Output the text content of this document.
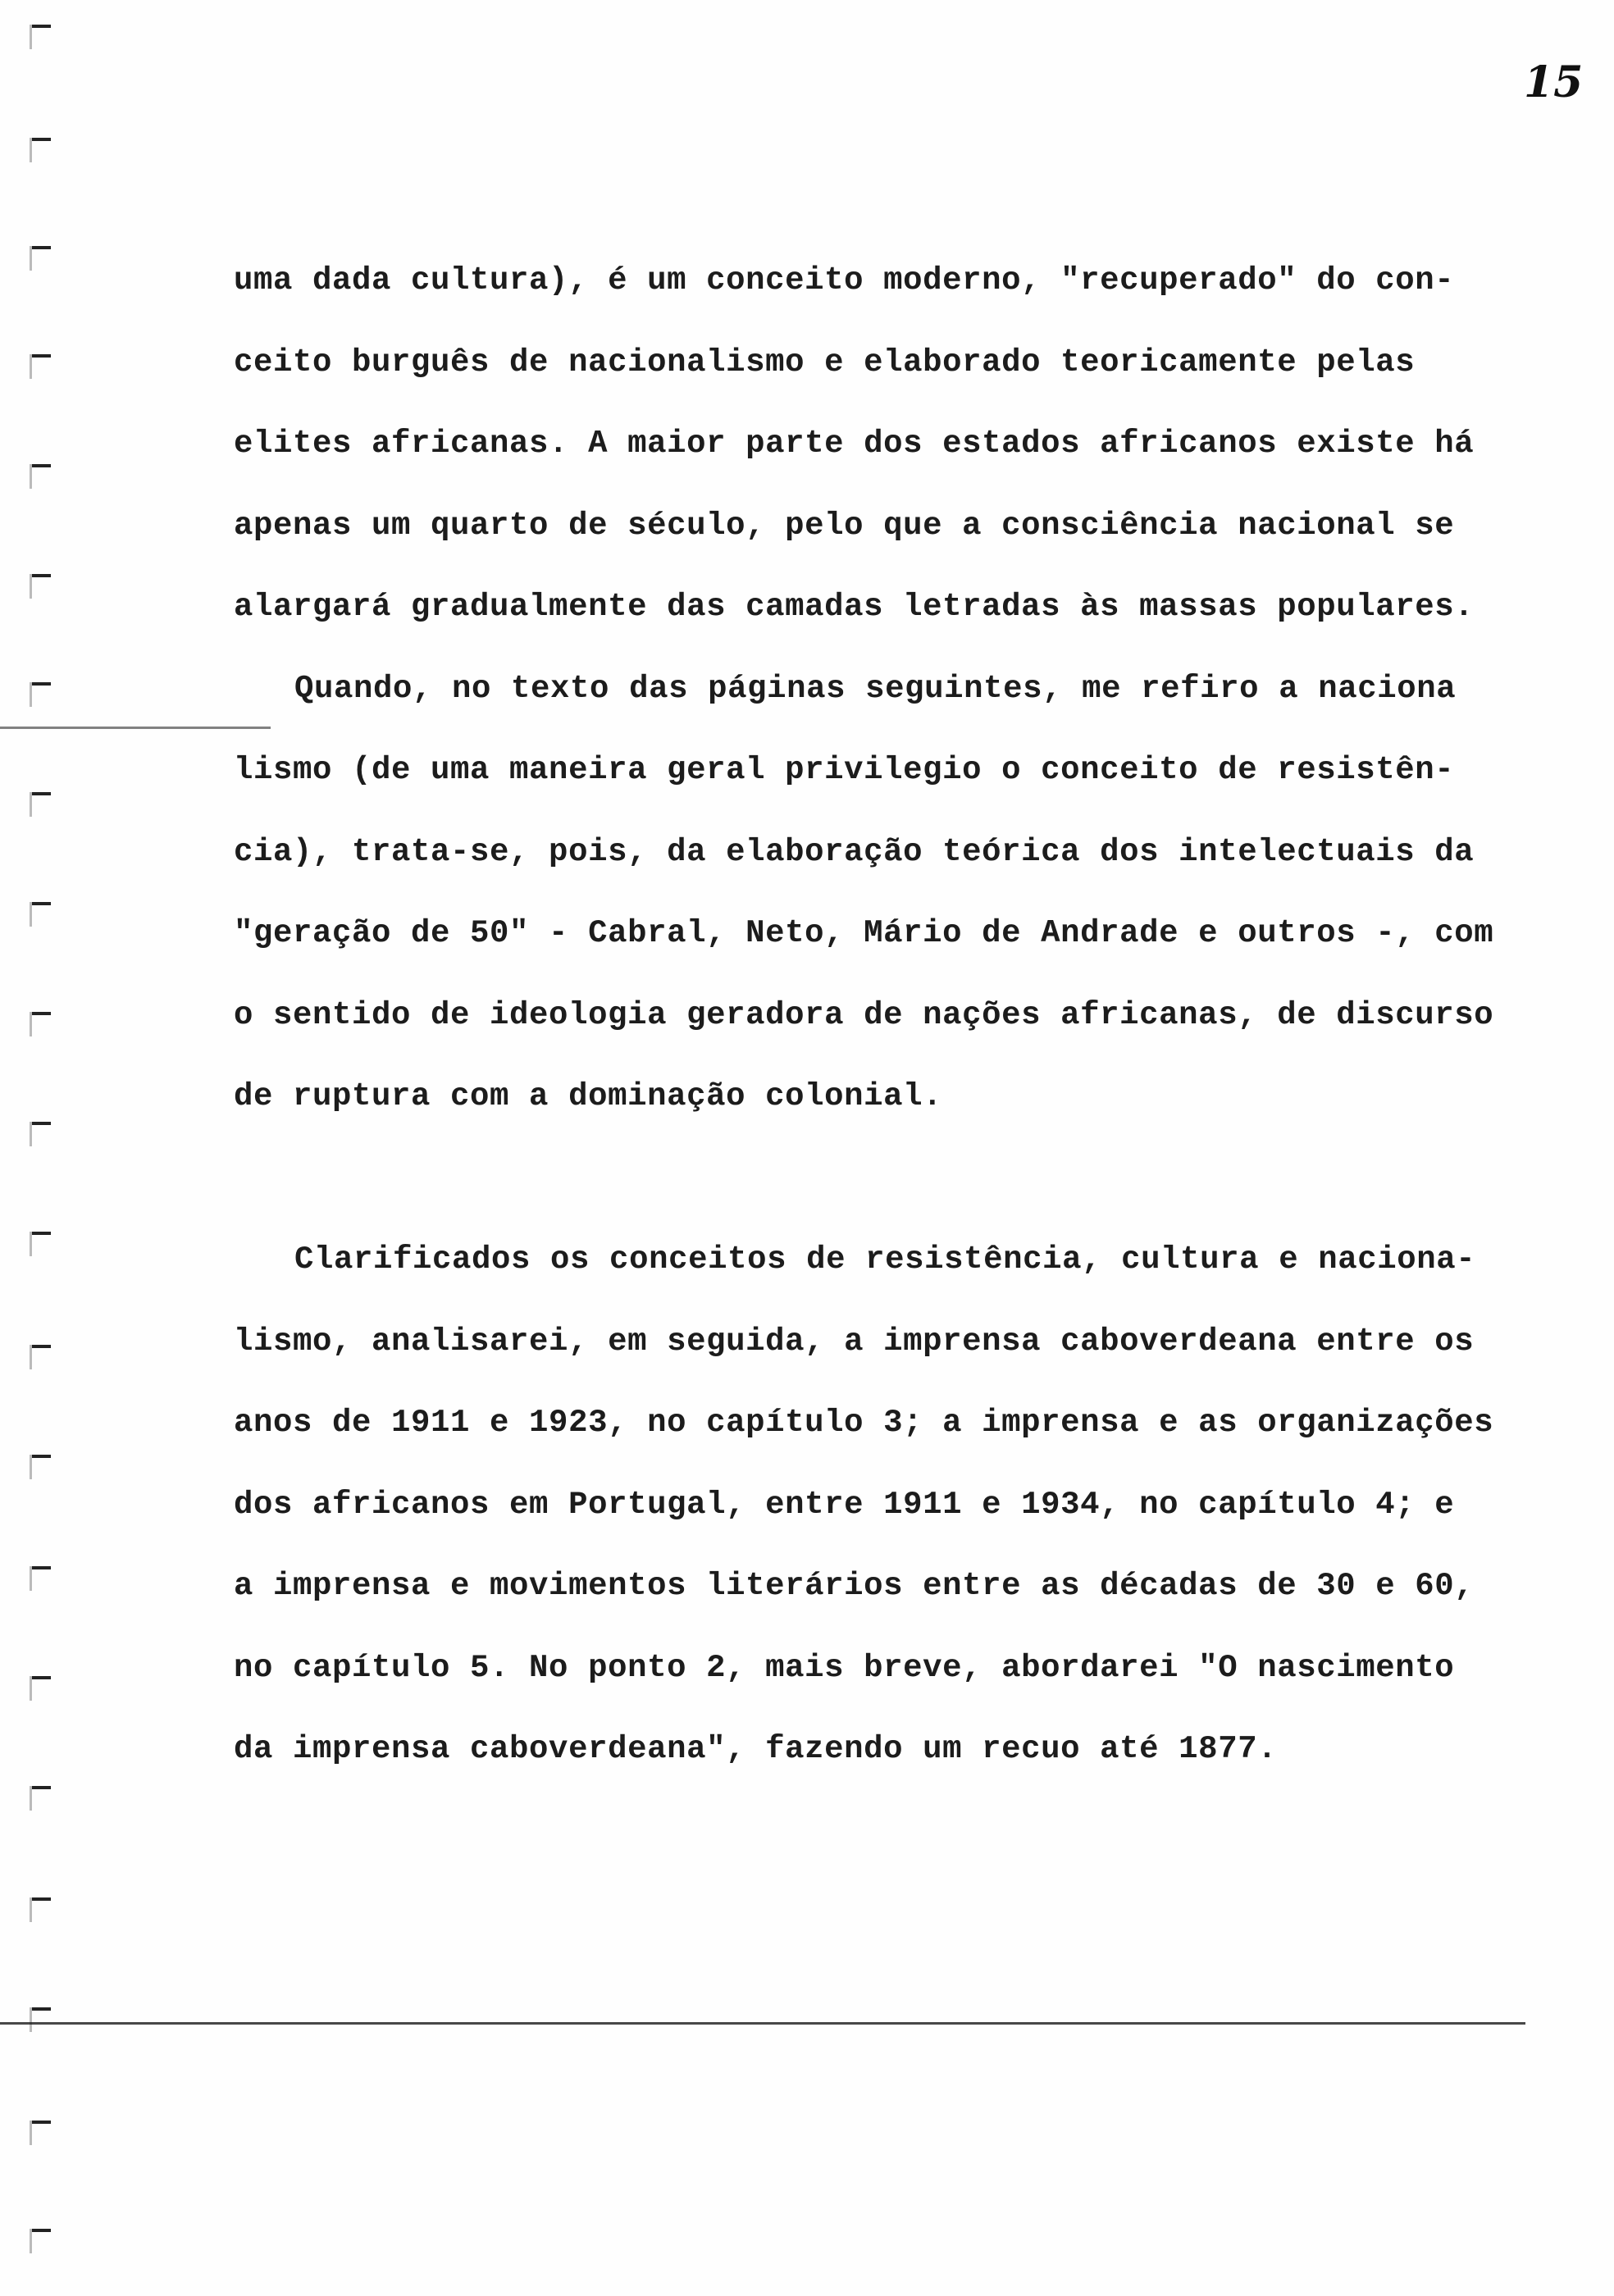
15
uma dada cultura), é um conceito moderno, "recuperado" do con-
ceito burguês de nacionalismo e elaborado teoricamente pelas
elites africanas. A maior parte dos estados africanos existe há
apenas um quarto de século, pelo que a consciência nacional se
alargará gradualmente das camadas letradas às massas populares.
Quando, no texto das páginas seguintes, me refiro a naciona
lismo (de uma maneira geral privilegio o conceito de resistên-
cia), trata-se, pois, da elaboração teórica dos intelectuais da
"geração de 50" - Cabral, Neto, Mário de Andrade e outros -, com
o sentido de ideologia geradora de nações africanas, de discurso
de ruptura com a dominação colonial.
Clarificados os conceitos de resistência, cultura e naciona-
lismo, analisarei, em seguida, a imprensa caboverdeana entre os
anos de 1911 e 1923, no capítulo 3; a imprensa e as organizações
dos africanos em Portugal, entre 1911 e 1934, no capítulo 4; e
a imprensa e movimentos literários entre as décadas de 30 e 60,
no capítulo 5. No ponto 2, mais breve, abordarei "O nascimento
da imprensa caboverdeana", fazendo um recuo até 1877.
